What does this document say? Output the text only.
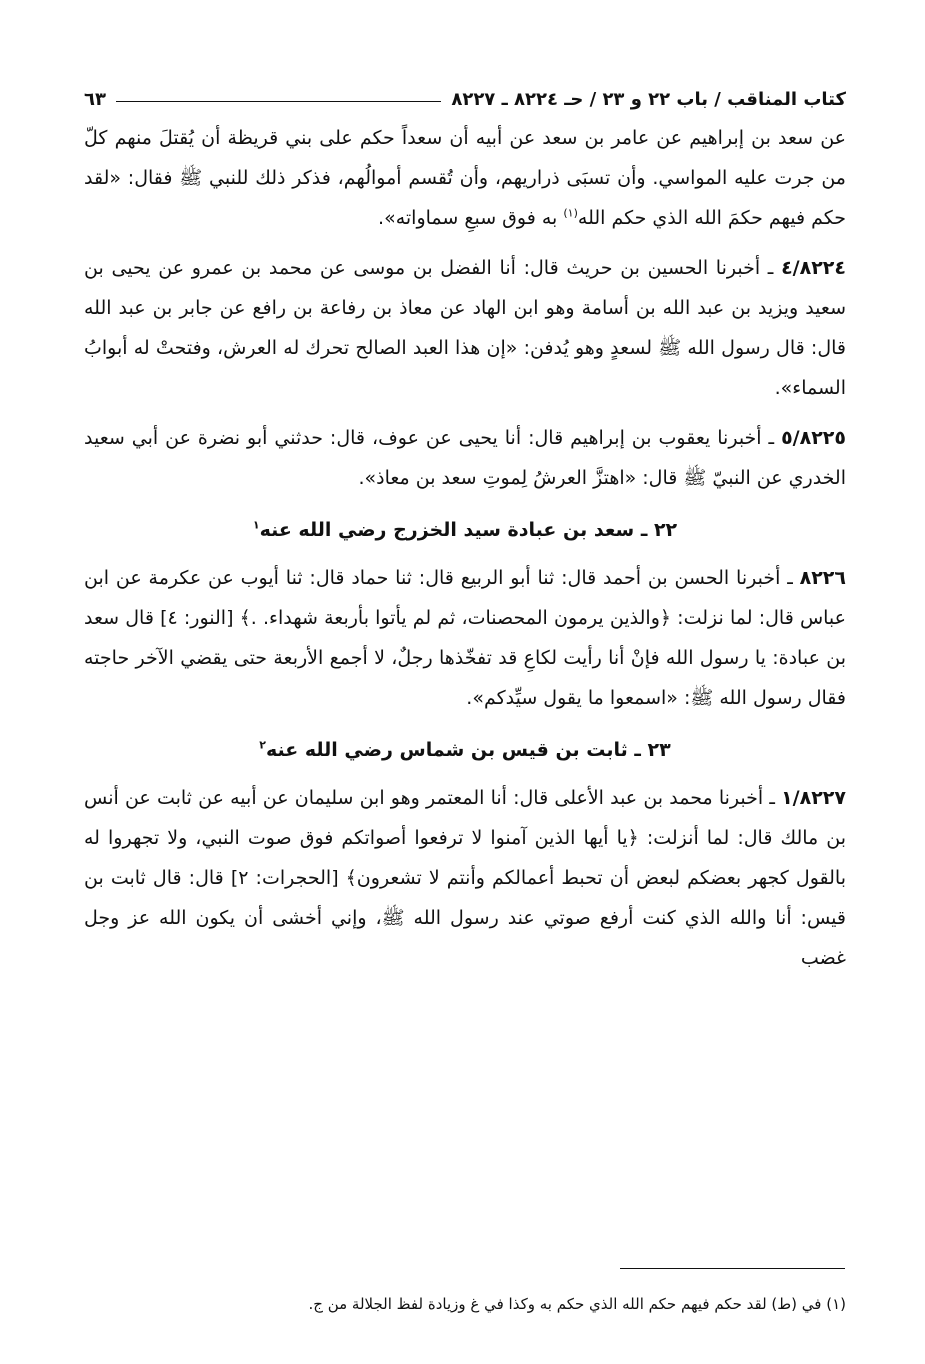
كتاب المناقب / باب ٢٢ و ٢٣ / حـ ٨٢٢٤ ـ ٨٢٢٧
٦٣

عن سعد بن إبراهيم عن عامر بن سعد عن أبيه أن سعداً حكم على بني قريظة أن يُقتلَ منهم كلّ من جرت عليه المواسي. وأن تسبَى ذراريهم، وأن تُقسم أموالُهم، فذكر ذلك للنبي ﷺ فقال: «لقد حكم فيهم حكمَ الله الذي حكم الله$^{(١)}$ به فوق سبعِ سماواته».

٤/٨٢٢٤ ـ أخبرنا الحسين بن حريث قال: أنا الفضل بن موسى عن محمد بن عمرو عن يحيى بن سعيد ويزيد بن عبد الله بن أسامة وهو ابن الهاد عن معاذ بن رفاعة بن رافع عن جابر بن عبد الله قال: قال رسول الله ﷺ لسعدٍ وهو يُدفن: «إن هذا العبد الصالح تحرك له العرش، وفتحتْ له أبوابُ السماء».

٥/٨٢٢٥ ـ أخبرنا يعقوب بن إبراهيم قال: أنا يحيى عن عوف، قال: حدثني أبو نضرة عن أبي سعيد الخدري عن النبيّ ﷺ قال: «اهتزَّ العرشُ لِموتِ سعد بن معاذ».

٢٢ ـ سعد بن عبادة سيد الخزرج رضي الله عنه$^١$

٨٢٢٦ ـ أخبرنا الحسن بن أحمد قال: ثنا أبو الربيع قال: ثنا حماد قال: ثنا أيوب عن عكرمة عن ابن عباس قال: لما نزلت: ﴿والذين يرمون المحصنات، ثم لم يأتوا بأربعة شهداء. .﴾ [النور: ٤] قال سعد بن عبادة: يا رسول الله فإنْ أنا رأيت لكاعِ قد تفخّذها رجلٌ، لا أجمع الأربعة حتى يقضي الآخر حاجته فقال رسول الله ﷺ: «اسمعوا ما يقول سيِّدكم».

٢٣ ـ ثابت بن قيس بن شماس رضي الله عنه$^٢$

١/٨٢٢٧ ـ أخبرنا محمد بن عبد الأعلى قال: أنا المعتمر وهو ابن سليمان عن أبيه عن ثابت عن أنس بن مالك قال: لما أنزلت: ﴿يا أيها الذين آمنوا لا ترفعوا أصواتكم فوق صوت النبي، ولا تجهروا له بالقول كجهر بعضكم لبعض أن تحبط أعمالكم وأنتم لا تشعرون﴾ [الحجرات: ٢] قال: قال ثابت بن قيس: أنا والله الذي كنت أرفع صوتي عند رسول الله ﷺ، وإني أخشى أن يكون الله عز وجل غضب

(١) في (ط) لقد حكم فيهم حكم الله الذي حكم به وكذا في غ وزيادة لفظ الجلالة من ج.
